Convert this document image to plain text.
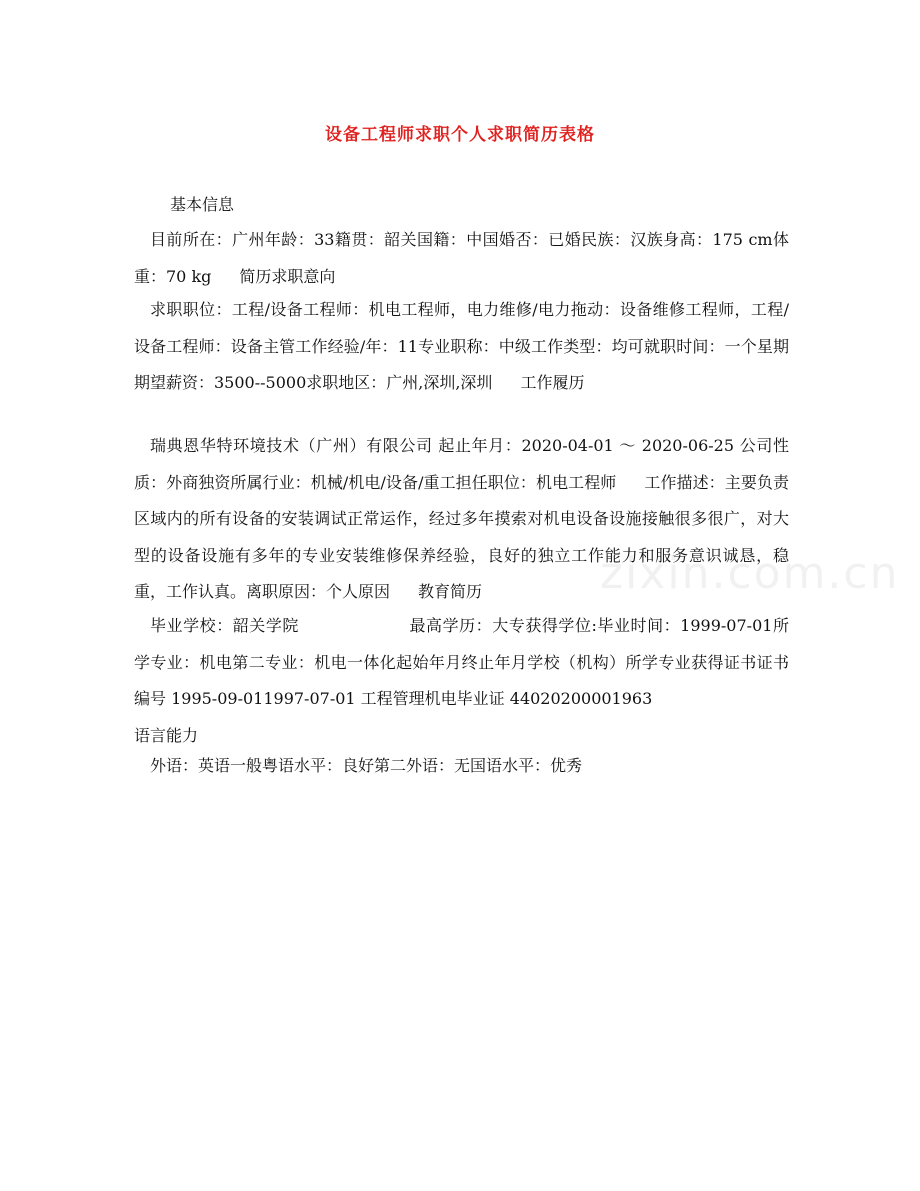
设备工程师求职个人求职简历表格
基本信息
目前所在：广州年龄：33籍贯：韶关国籍：中国婚否：已婚民族：汉族身高：175 cm体重：70 kg 简历求职意向
求职职位：工程/设备工程师：机电工程师，电力维修/电力拖动：设备维修工程师，工程/设备工程师：设备主管工作经验/年：11专业职称：中级工作类型：均可就职时间：一个星期期望薪资：3500--5000求职地区：广州,深圳,深圳 工作履历
瑞典恩华特环境技术（广州）有限公司 起止年月：2020-04-01 ～ 2020-06-25 公司性质：外商独资所属行业：机械/机电/设备/重工担任职位：机电工程师 工作描述：主要负责区域内的所有设备的安装调试正常运作，经过多年摸索对机电设备设施接触很多很广，对大型的设备设施有多年的专业安装维修保养经验，良好的独立工作能力和服务意识诚恳，稳重，工作认真。离职原因：个人原因 教育简历
毕业学校：韶关学院	最高学历：大专获得学位:毕业时间：1999-07-01所学专业：机电第二专业：机电一体化起始年月终止年月学校（机构）所学专业获得证书证书编号 1995-09-011997-07-01 工程管理机电毕业证 44020200001963
语言能力
外语：英语一般粤语水平：良好第二外语：无国语水平：优秀
zixin.com.cn
